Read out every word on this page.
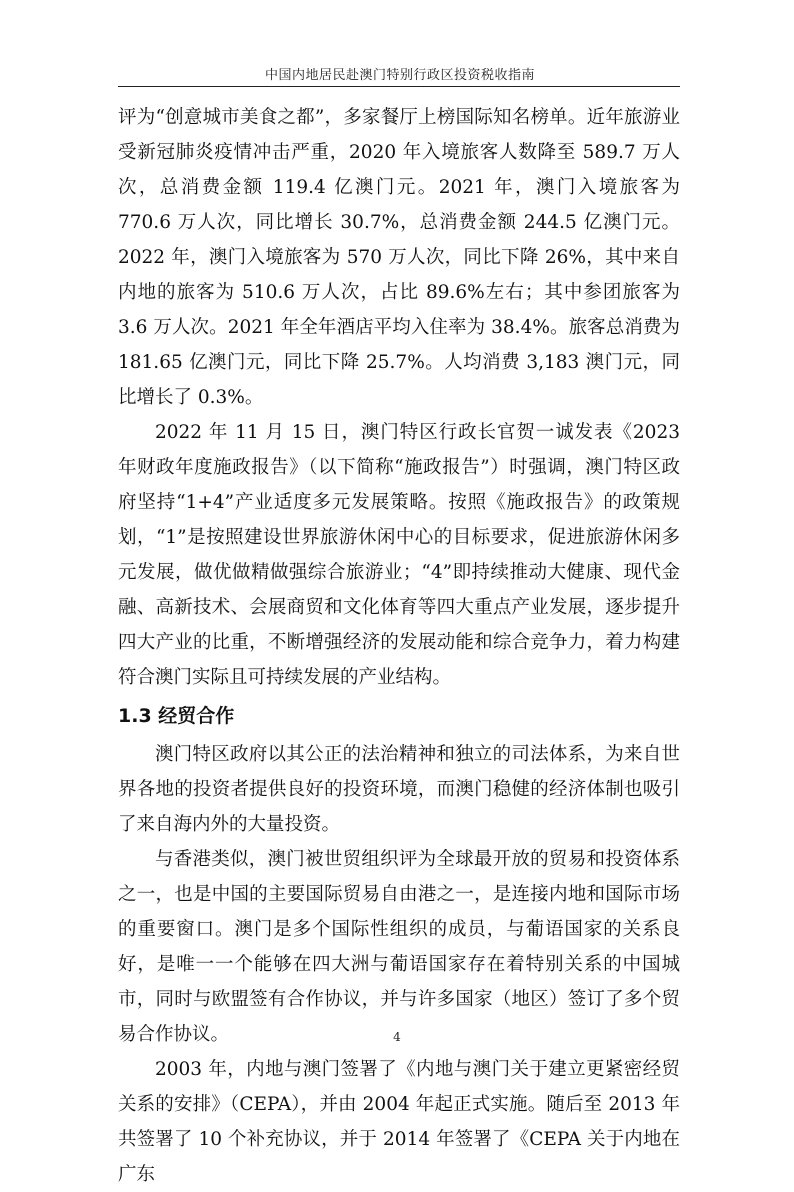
中国内地居民赴澳门特别行政区投资税收指南

评为“创意城市美食之都”，多家餐厅上榜国际知名榜单。近年旅游业受新冠肺炎疫情冲击严重，2020 年入境旅客人数降至 589.7 万人次，总消费金额 119.4 亿澳门元。2021 年，澳门入境旅客为 770.6 万人次，同比增长 30.7%，总消费金额 244.5 亿澳门元。2022 年，澳门入境旅客为 570 万人次，同比下降 26%，其中来自内地的旅客为 510.6 万人次，占比 89.6%左右；其中参团旅客为 3.6 万人次。2021 年全年酒店平均入住率为 38.4%。旅客总消费为 181.65 亿澳门元，同比下降 25.7%。人均消费 3,183 澳门元，同比增长了 0.3%。

2022 年 11 月 15 日，澳门特区行政长官贺一诚发表《2023 年财政年度施政报告》（以下简称“施政报告”）时强调，澳门特区政府坚持“1+4”产业适度多元发展策略。按照《施政报告》的政策规划，“1”是按照建设世界旅游休闲中心的目标要求，促进旅游休闲多元发展，做优做精做强综合旅游业；“4”即持续推动大健康、现代金融、高新技术、会展商贸和文化体育等四大重点产业发展，逐步提升四大产业的比重，不断增强经济的发展动能和综合竞争力，着力构建符合澳门实际且可持续发展的产业结构。

1.3 经贸合作

澳门特区政府以其公正的法治精神和独立的司法体系，为来自世界各地的投资者提供良好的投资环境，而澳门稳健的经济体制也吸引了来自海内外的大量投资。

与香港类似，澳门被世贸组织评为全球最开放的贸易和投资体系之一，也是中国的主要国际贸易自由港之一，是连接内地和国际市场的重要窗口。澳门是多个国际性组织的成员，与葡语国家的关系良好，是唯一一个能够在四大洲与葡语国家存在着特别关系的中国城市，同时与欧盟签有合作协议，并与许多国家（地区）签订了多个贸易合作协议。

2003 年，内地与澳门签署了《内地与澳门关于建立更紧密经贸关系的安排》（CEPA），并由 2004 年起正式实施。随后至 2013 年共签署了 10 个补充协议，并于 2014 年签署了《CEPA 关于内地在广东

4
